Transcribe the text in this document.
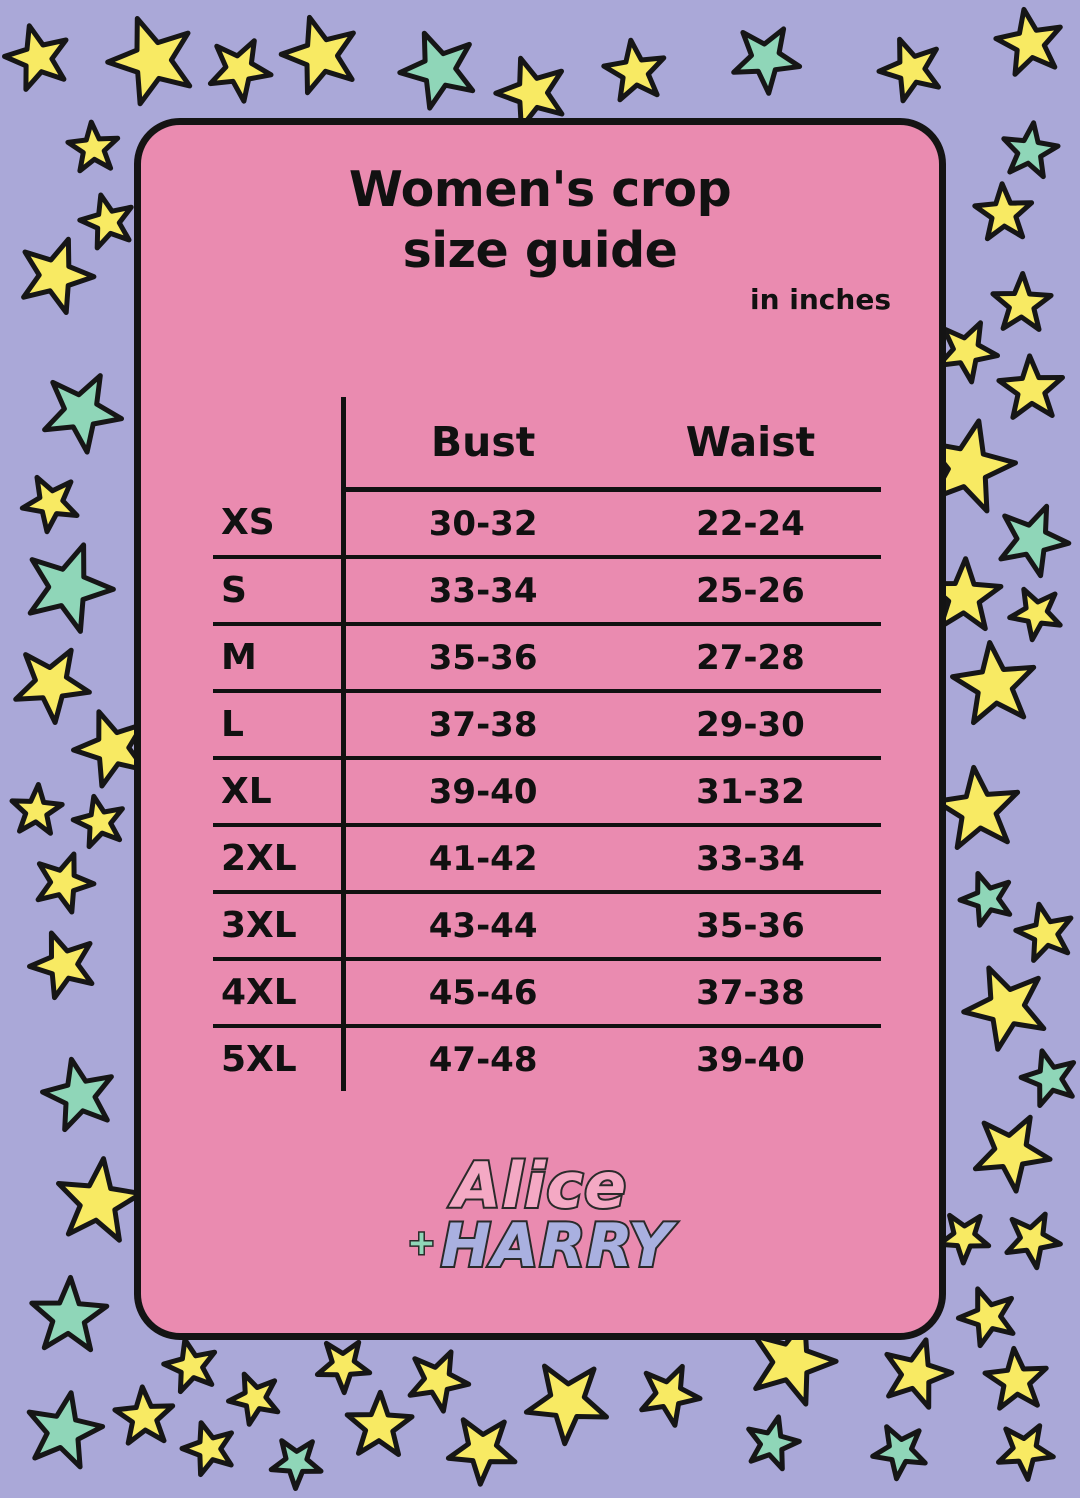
Women's crop
size guide
in inches
	Bust	Waist
XS	30-32	22-24
S	33-34	25-26
M	35-36	27-28
L	37-38	29-30
XL	39-40	31-32
2XL	41-42	33-34
3XL	43-44	35-36
4XL	45-46	37-38
5XL	47-48	39-40
Alice
+HARRY
